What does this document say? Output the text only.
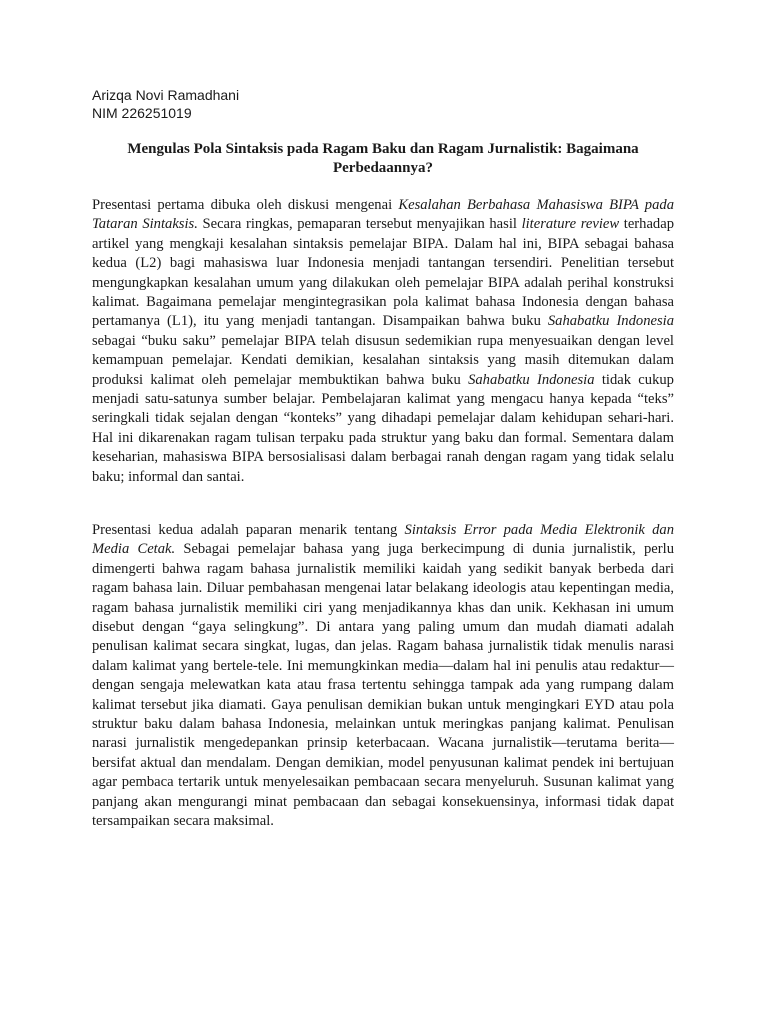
Arizqa Novi Ramadhani
NIM 226251019
Mengulas Pola Sintaksis pada Ragam Baku dan Ragam Jurnalistik: Bagaimana Perbedaannya?

Presentasi pertama dibuka oleh diskusi mengenai Kesalahan Berbahasa Mahasiswa BIPA pada Tataran Sintaksis. Secara ringkas, pemaparan tersebut menyajikan hasil literature review terhadap artikel yang mengkaji kesalahan sintaksis pemelajar BIPA. Dalam hal ini, BIPA sebagai bahasa kedua (L2) bagi mahasiswa luar Indonesia menjadi tantangan tersendiri. Penelitian tersebut mengungkapkan kesalahan umum yang dilakukan oleh pemelajar BIPA adalah perihal konstruksi kalimat. Bagaimana pemelajar mengintegrasikan pola kalimat bahasa Indonesia dengan bahasa pertamanya (L1), itu yang menjadi tantangan. Disampaikan bahwa buku Sahabatku Indonesia sebagai “buku saku” pemelajar BIPA telah disusun sedemikian rupa menyesuaikan dengan level kemampuan pemelajar. Kendati demikian, kesalahan sintaksis yang masih ditemukan dalam produksi kalimat oleh pemelajar membuktikan bahwa buku Sahabatku Indonesia tidak cukup menjadi satu-satunya sumber belajar. Pembelajaran kalimat yang mengacu hanya kepada “teks” seringkali tidak sejalan dengan “konteks” yang dihadapi pemelajar dalam kehidupan sehari-hari. Hal ini dikarenakan ragam tulisan terpaku pada struktur yang baku dan formal. Sementara dalam keseharian, mahasiswa BIPA bersosialisasi dalam berbagai ranah dengan ragam yang tidak selalu baku; informal dan santai.

Presentasi kedua adalah paparan menarik tentang Sintaksis Error pada Media Elektronik dan Media Cetak. Sebagai pemelajar bahasa yang juga berkecimpung di dunia jurnalistik, perlu dimengerti bahwa ragam bahasa jurnalistik memiliki kaidah yang sedikit banyak berbeda dari ragam bahasa lain. Diluar pembahasan mengenai latar belakang ideologis atau kepentingan media, ragam bahasa jurnalistik memiliki ciri yang menjadikannya khas dan unik. Kekhasan ini umum disebut dengan “gaya selingkung”. Di antara yang paling umum dan mudah diamati adalah penulisan kalimat secara singkat, lugas, dan jelas. Ragam bahasa jurnalistik tidak menulis narasi dalam kalimat yang bertele-tele. Ini memungkinkan media—dalam hal ini penulis atau redaktur—dengan sengaja melewatkan kata atau frasa tertentu sehingga tampak ada yang rumpang dalam kalimat tersebut jika diamati. Gaya penulisan demikian bukan untuk mengingkari EYD atau pola struktur baku dalam bahasa Indonesia, melainkan untuk meringkas panjang kalimat. Penulisan narasi jurnalistik mengedepankan prinsip keterbacaan. Wacana jurnalistik—terutama berita—bersifat aktual dan mendalam. Dengan demikian, model penyusunan kalimat pendek ini bertujuan agar pembaca tertarik untuk menyelesaikan pembacaan secara menyeluruh. Susunan kalimat yang panjang akan mengurangi minat pembacaan dan sebagai konsekuensinya, informasi tidak dapat tersampaikan secara maksimal.
